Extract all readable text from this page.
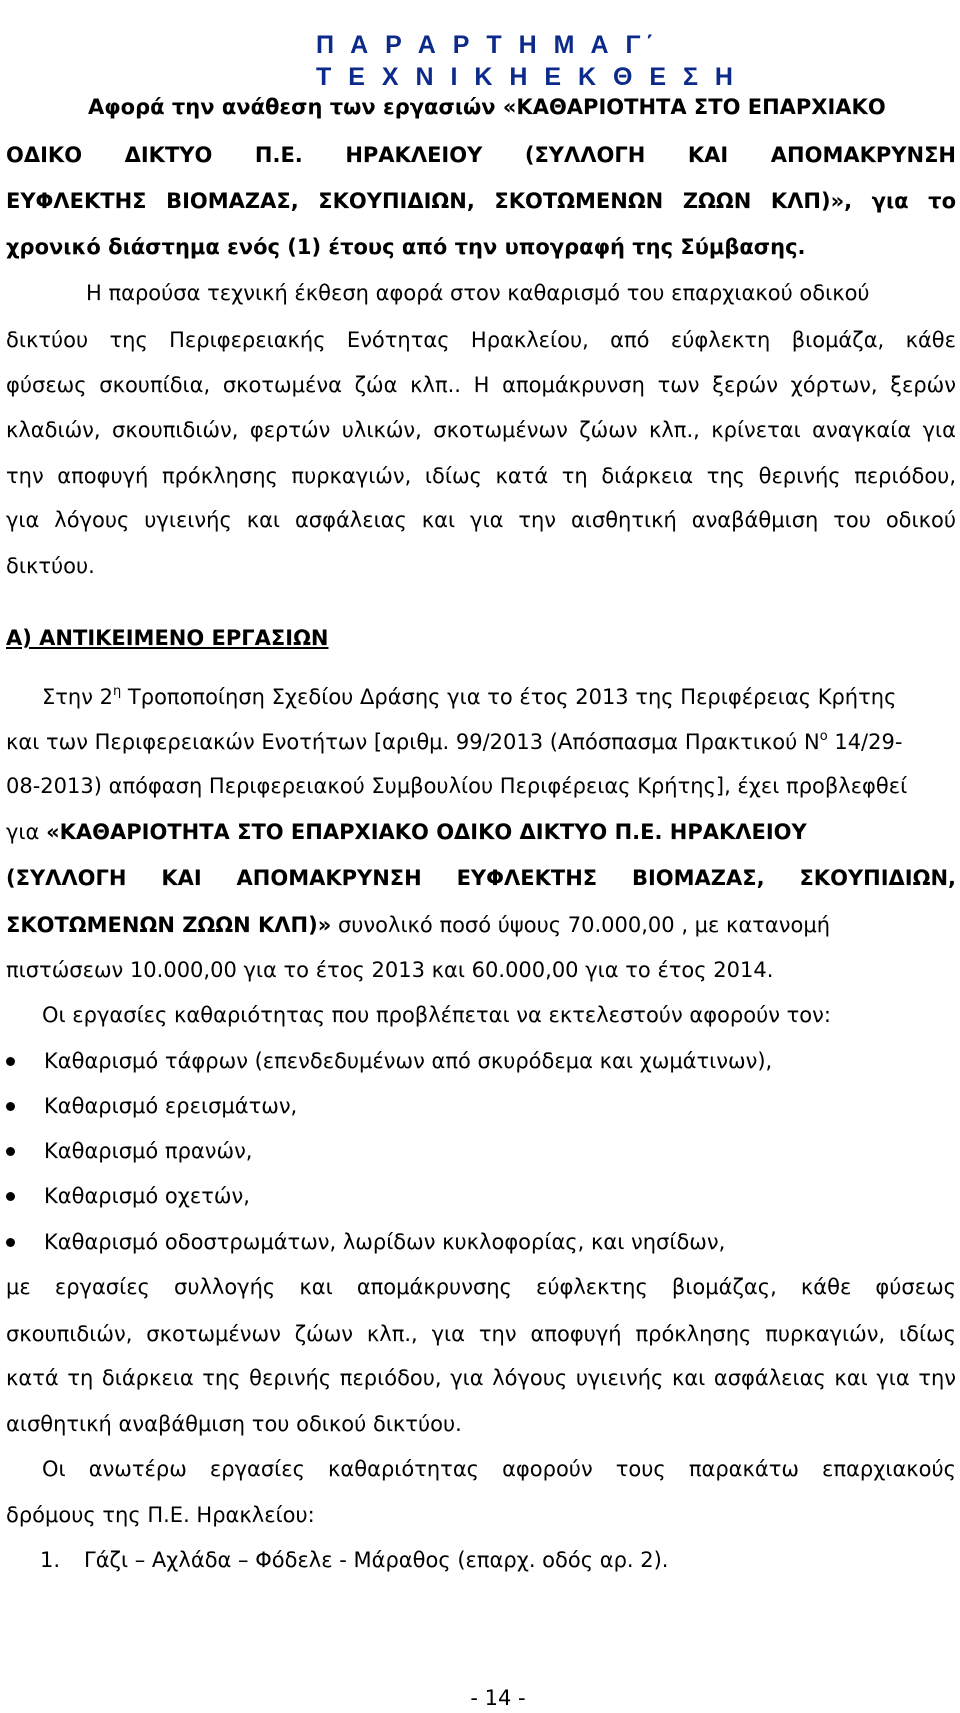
Π Α Ρ Α Ρ Τ Η Μ Α Γ΄
Τ Ε Χ Ν Ι Κ Η Ε Κ Θ Ε Σ Η
Αφορά την ανάθεση των εργασιών «ΚΑΘΑΡΙΟΤΗΤΑ ΣΤΟ ΕΠΑΡΧΙΑΚΟ
ΟΔΙΚΟ ΔΙΚΤΥΟ Π.Ε. ΗΡΑΚΛΕΙΟΥ (ΣΥΛΛΟΓΗ ΚΑΙ ΑΠΟΜΑΚΡΥΝΣΗ
ΕΥΦΛΕΚΤΗΣ ΒΙΟΜΑΖΑΣ, ΣΚΟΥΠΙΔΙΩΝ, ΣΚΟΤΩΜΕΝΩΝ ΖΩΩΝ ΚΛΠ)», για το
χρονικό διάστημα ενός (1) έτους από την υπογραφή της Σύμβασης.
Η παρούσα τεχνική έκθεση αφορά στον καθαρισμό του επαρχιακού οδικού
δικτύου της Περιφερειακής Ενότητας Ηρακλείου, από εύφλεκτη βιομάζα, κάθε
φύσεως σκουπίδια, σκοτωμένα ζώα κλπ.. Η απομάκρυνση των ξερών χόρτων, ξερών
κλαδιών, σκουπιδιών, φερτών υλικών, σκοτωμένων ζώων κλπ., κρίνεται αναγκαία για
την αποφυγή πρόκλησης πυρκαγιών, ιδίως κατά τη διάρκεια της θερινής περιόδου,
για λόγους υγιεινής και ασφάλειας και για την αισθητική αναβάθμιση του οδικού
δικτύου.
Α) ΑΝΤΙΚΕΙΜΕΝΟ ΕΡΓΑΣΙΩΝ
Στην $2^\eta$ Τροποποίηση Σχεδίου Δράσης για το έτος 2013 της Περιφέρειας Κρήτης
και των Περιφερειακών Ενοτήτων [αριθμ. 99/2013 (Απόσπασμα Πρακτικού $N^o$ 14/29-
08-2013) απόφαση Περιφερειακού Συμβουλίου Περιφέρειας Κρήτης], έχει προβλεφθεί
για «ΚΑΘΑΡΙΟΤΗΤΑ ΣΤΟ ΕΠΑΡΧΙΑΚΟ ΟΔΙΚΟ ΔΙΚΤΥΟ Π.Ε. ΗΡΑΚΛΕΙΟΥ
(ΣΥΛΛΟΓΗ ΚΑΙ ΑΠΟΜΑΚΡΥΝΣΗ ΕΥΦΛΕΚΤΗΣ ΒΙΟΜΑΖΑΣ, ΣΚΟΥΠΙΔΙΩΝ,
ΣΚΟΤΩΜΕΝΩΝ ΖΩΩΝ ΚΛΠ)» συνολικό ποσό ύψους 70.000,00 , με κατανομή
πιστώσεων 10.000,00 για το έτος 2013 και 60.000,00 για το έτος 2014.
Οι εργασίες καθαριότητας που προβλέπεται να εκτελεστούν αφορούν τον:
Καθαρισμό τάφρων (επενδεδυμένων από σκυρόδεμα και χωμάτινων),
Καθαρισμό ερεισμάτων,
Καθαρισμό πρανών,
Καθαρισμό οχετών,
Καθαρισμό οδοστρωμάτων, λωρίδων κυκλοφορίας, και νησίδων,
με εργασίες συλλογής και απομάκρυνσης εύφλεκτης βιομάζας, κάθε φύσεως
σκουπιδιών, σκοτωμένων ζώων κλπ., για την αποφυγή πρόκλησης πυρκαγιών, ιδίως
κατά τη διάρκεια της θερινής περιόδου, για λόγους υγιεινής και ασφάλειας και για την
αισθητική αναβάθμιση του οδικού δικτύου.
Οι ανωτέρω εργασίες καθαριότητας αφορούν τους παρακάτω επαρχιακούς
δρόμους της Π.Ε. Ηρακλείου:
1. Γάζι – Αχλάδα – Φόδελε - Μάραθος (επαρχ. οδός αρ. 2).
- 14 -
